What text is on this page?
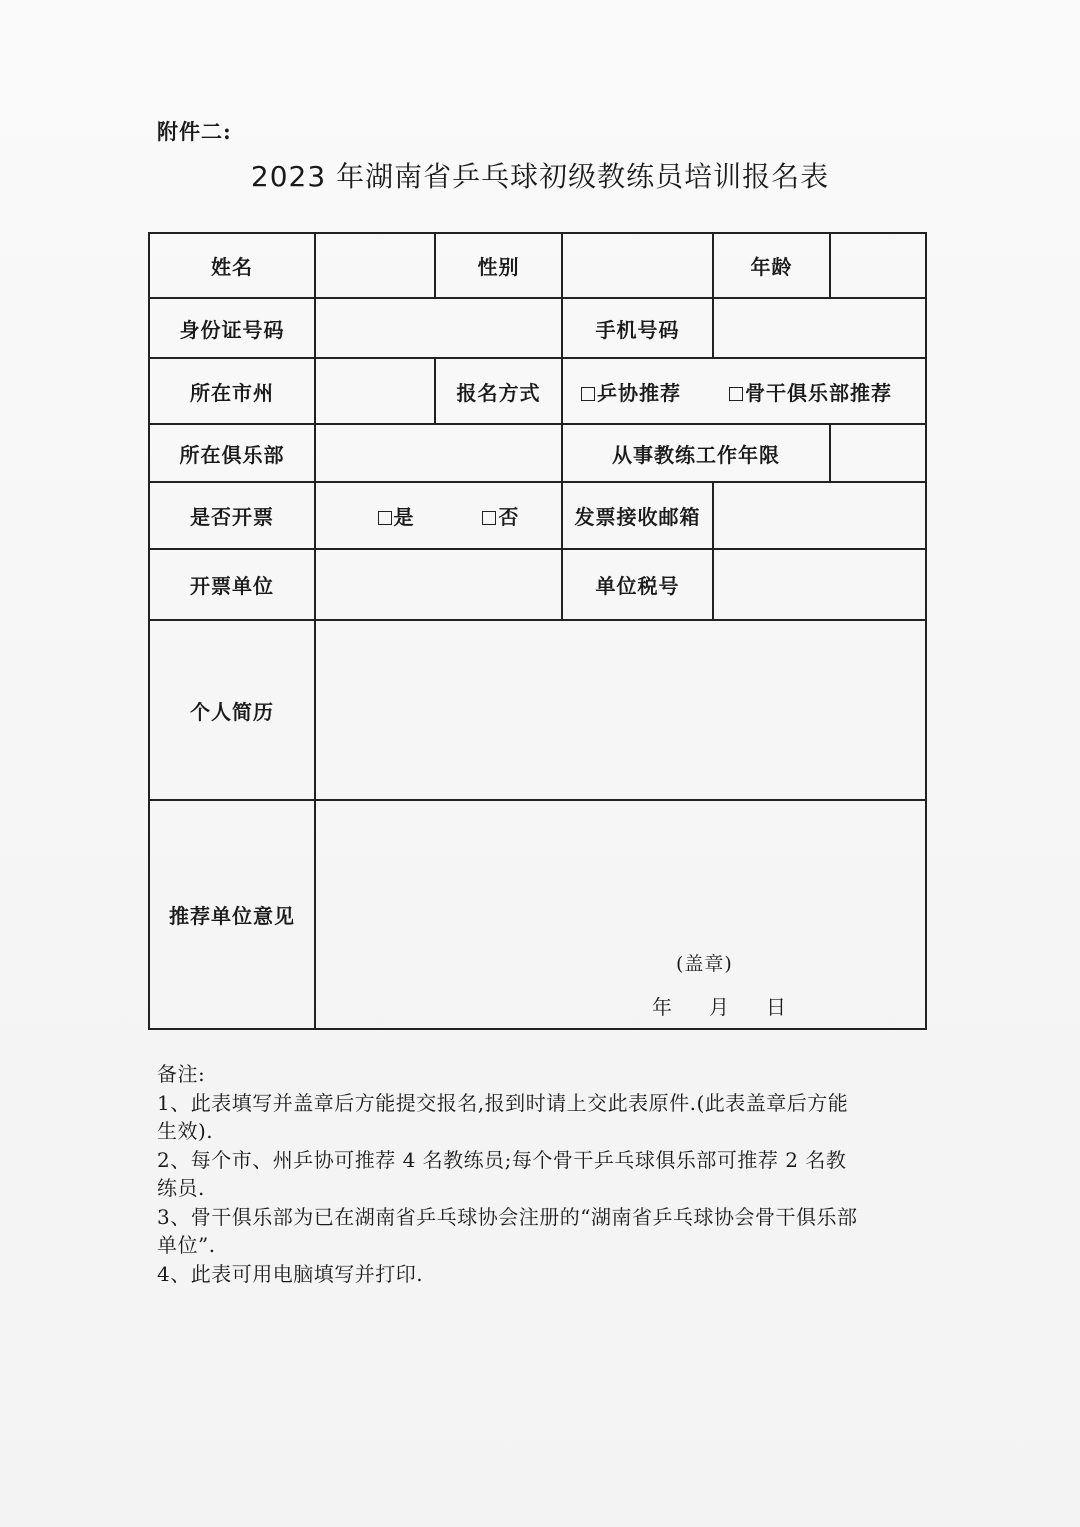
附件二:
2023 年湖南省乒乓球初级教练员培训报名表
姓名		性别		年龄	
身份证号码			手机号码		
所在市州		报名方式	乒协推荐 骨干俱乐部推荐		
所在俱乐部			从事教练工作年限		
是否开票	是 否		发票接收邮箱		
开票单位			单位税号		
个人简历					
推荐单位意见	(盖章)
年 月 日				
备注:
1、此表填写并盖章后方能提交报名,报到时请上交此表原件.(此表盖章后方能
生效).
2、每个市、州乒协可推荐 4 名教练员;每个骨干乒乓球俱乐部可推荐 2 名教
练员.
3、骨干俱乐部为已在湖南省乒乓球协会注册的“湖南省乒乓球协会骨干俱乐部
单位”.
4、此表可用电脑填写并打印.
